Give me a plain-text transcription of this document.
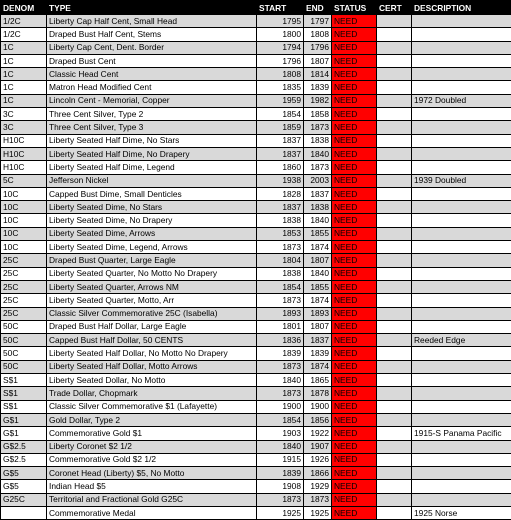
DENOM	TYPE	START	END	STATUS	CERT	DESCRIPTION
1/2C	Liberty Cap Half Cent, Small Head	1795	1797	NEED		
1/2C	Draped Bust Half Cent, Stems	1800	1808	NEED		
1C	Liberty Cap Cent, Dent. Border	1794	1796	NEED		
1C	Draped Bust Cent	1796	1807	NEED		
1C	Classic Head Cent	1808	1814	NEED		
1C	Matron Head Modified Cent	1835	1839	NEED		
1C	Lincoln Cent - Memorial, Copper	1959	1982	NEED		1972 Doubled
3C	Three Cent Silver, Type 2	1854	1858	NEED		
3C	Three Cent Silver, Type 3	1859	1873	NEED		
H10C	Liberty Seated Half Dime, No Stars	1837	1838	NEED		
H10C	Liberty Seated Half Dime, No Drapery	1837	1840	NEED		
H10C	Liberty Seated Half Dime, Legend	1860	1873	NEED		
5C	Jefferson Nickel	1938	2003	NEED		1939 Doubled
10C	Capped Bust Dime, Small Denticles	1828	1837	NEED		
10C	Liberty Seated Dime, No Stars	1837	1838	NEED		
10C	Liberty Seated Dime, No Drapery	1838	1840	NEED		
10C	Liberty Seated Dime, Arrows	1853	1855	NEED		
10C	Liberty Seated Dime, Legend, Arrows	1873	1874	NEED		
25C	Draped Bust Quarter, Large Eagle	1804	1807	NEED		
25C	Liberty Seated Quarter, No Motto No Drapery	1838	1840	NEED		
25C	Liberty Seated Quarter, Arrows NM	1854	1855	NEED		
25C	Liberty Seated Quarter, Motto, Arr	1873	1874	NEED		
25C	Classic Silver Commemorative 25C (Isabella)	1893	1893	NEED		
50C	Draped Bust Half Dollar, Large Eagle	1801	1807	NEED		
50C	Capped Bust Half Dollar, 50 CENTS	1836	1837	NEED		Reeded Edge
50C	Liberty Seated Half Dollar, No Motto No Drapery	1839	1839	NEED		
50C	Liberty Seated Half Dollar, Motto Arrows	1873	1874	NEED		
S$1	Liberty Seated Dollar, No Motto	1840	1865	NEED		
S$1	Trade Dollar, Chopmark	1873	1878	NEED		
S$1	Classic Silver Commemorative $1 (Lafayette)	1900	1900	NEED		
G$1	Gold Dollar, Type 2	1854	1856	NEED		
G$1	Commemorative Gold $1	1903	1922	NEED		1915-S Panama Pacific
G$2.5	Liberty Coronet $2 1/2	1840	1907	NEED		
G$2.5	Commemorative Gold $2 1/2	1915	1926	NEED		
G$5	Coronet Head (Liberty) $5, No Motto	1839	1866	NEED		
G$5	Indian Head $5	1908	1929	NEED		
G25C	Territorial and Fractional Gold G25C	1873	1873	NEED		
	Commemorative Medal	1925	1925	NEED		1925 Norse
